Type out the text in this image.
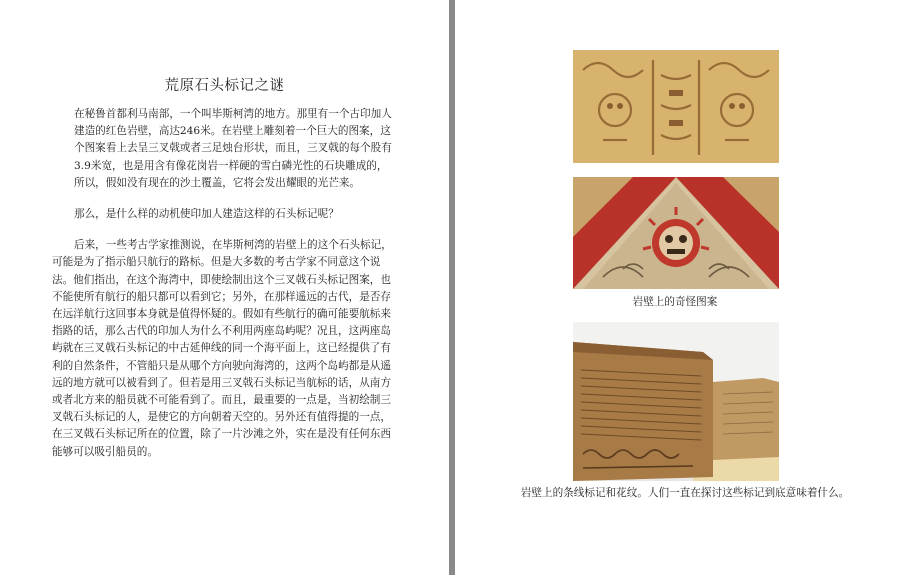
荒原石头标记之谜

在秘鲁首都利马南部，一个叫毕斯柯湾的地方。那里有一个古印加人建造的红色岩壁，高达246米。在岩壁上雕刻着一个巨大的图案，这个图案看上去呈三叉戟或者三足烛台形状，而且，三叉戟的每个股有3.9米宽，也是用含有像花岗岩一样硬的雪白磷光性的石块雕成的，所以，假如没有现在的沙土覆盖，它将会发出耀眼的光芒来。

那么，是什么样的动机使印加人建造这样的石头标记呢？

后来，一些考古学家推测说，在毕斯柯湾的岩壁上的这个石头标记，可能是为了指示船只航行的路标。但是大多数的考古学家不同意这个说法。他们指出，在这个海湾中，即使绘制出这个三叉戟石头标记图案，也不能使所有航行的船只都可以看到它；另外，在那样遥远的古代，是否存在远洋航行这回事本身就是值得怀疑的。假如有些航行的确可能要航标来指路的话，那么古代的印加人为什么不利用两座岛屿呢？况且，这两座岛屿就在三叉戟石头标记的中古延伸线的同一个海平面上，这已经提供了有利的自然条件，不管船只是从哪个方向驶向海湾的，这两个岛屿都是从遥远的地方就可以被看到了。但若是用三叉戟石头标记当航标的话，从南方或者北方来的船员就不可能看到了。而且，最重要的一点是，当初绘制三叉戟石头标记的人，是使它的方向朝着天空的。另外还有值得提的一点，在三叉戟石头标记所在的位置，除了一片沙滩之外，实在是没有任何东西能够可以吸引船员的。

岩壁上的奇怪图案
岩壁上的条线标记和花纹。人们一直在探讨这些标记到底意味着什么。
